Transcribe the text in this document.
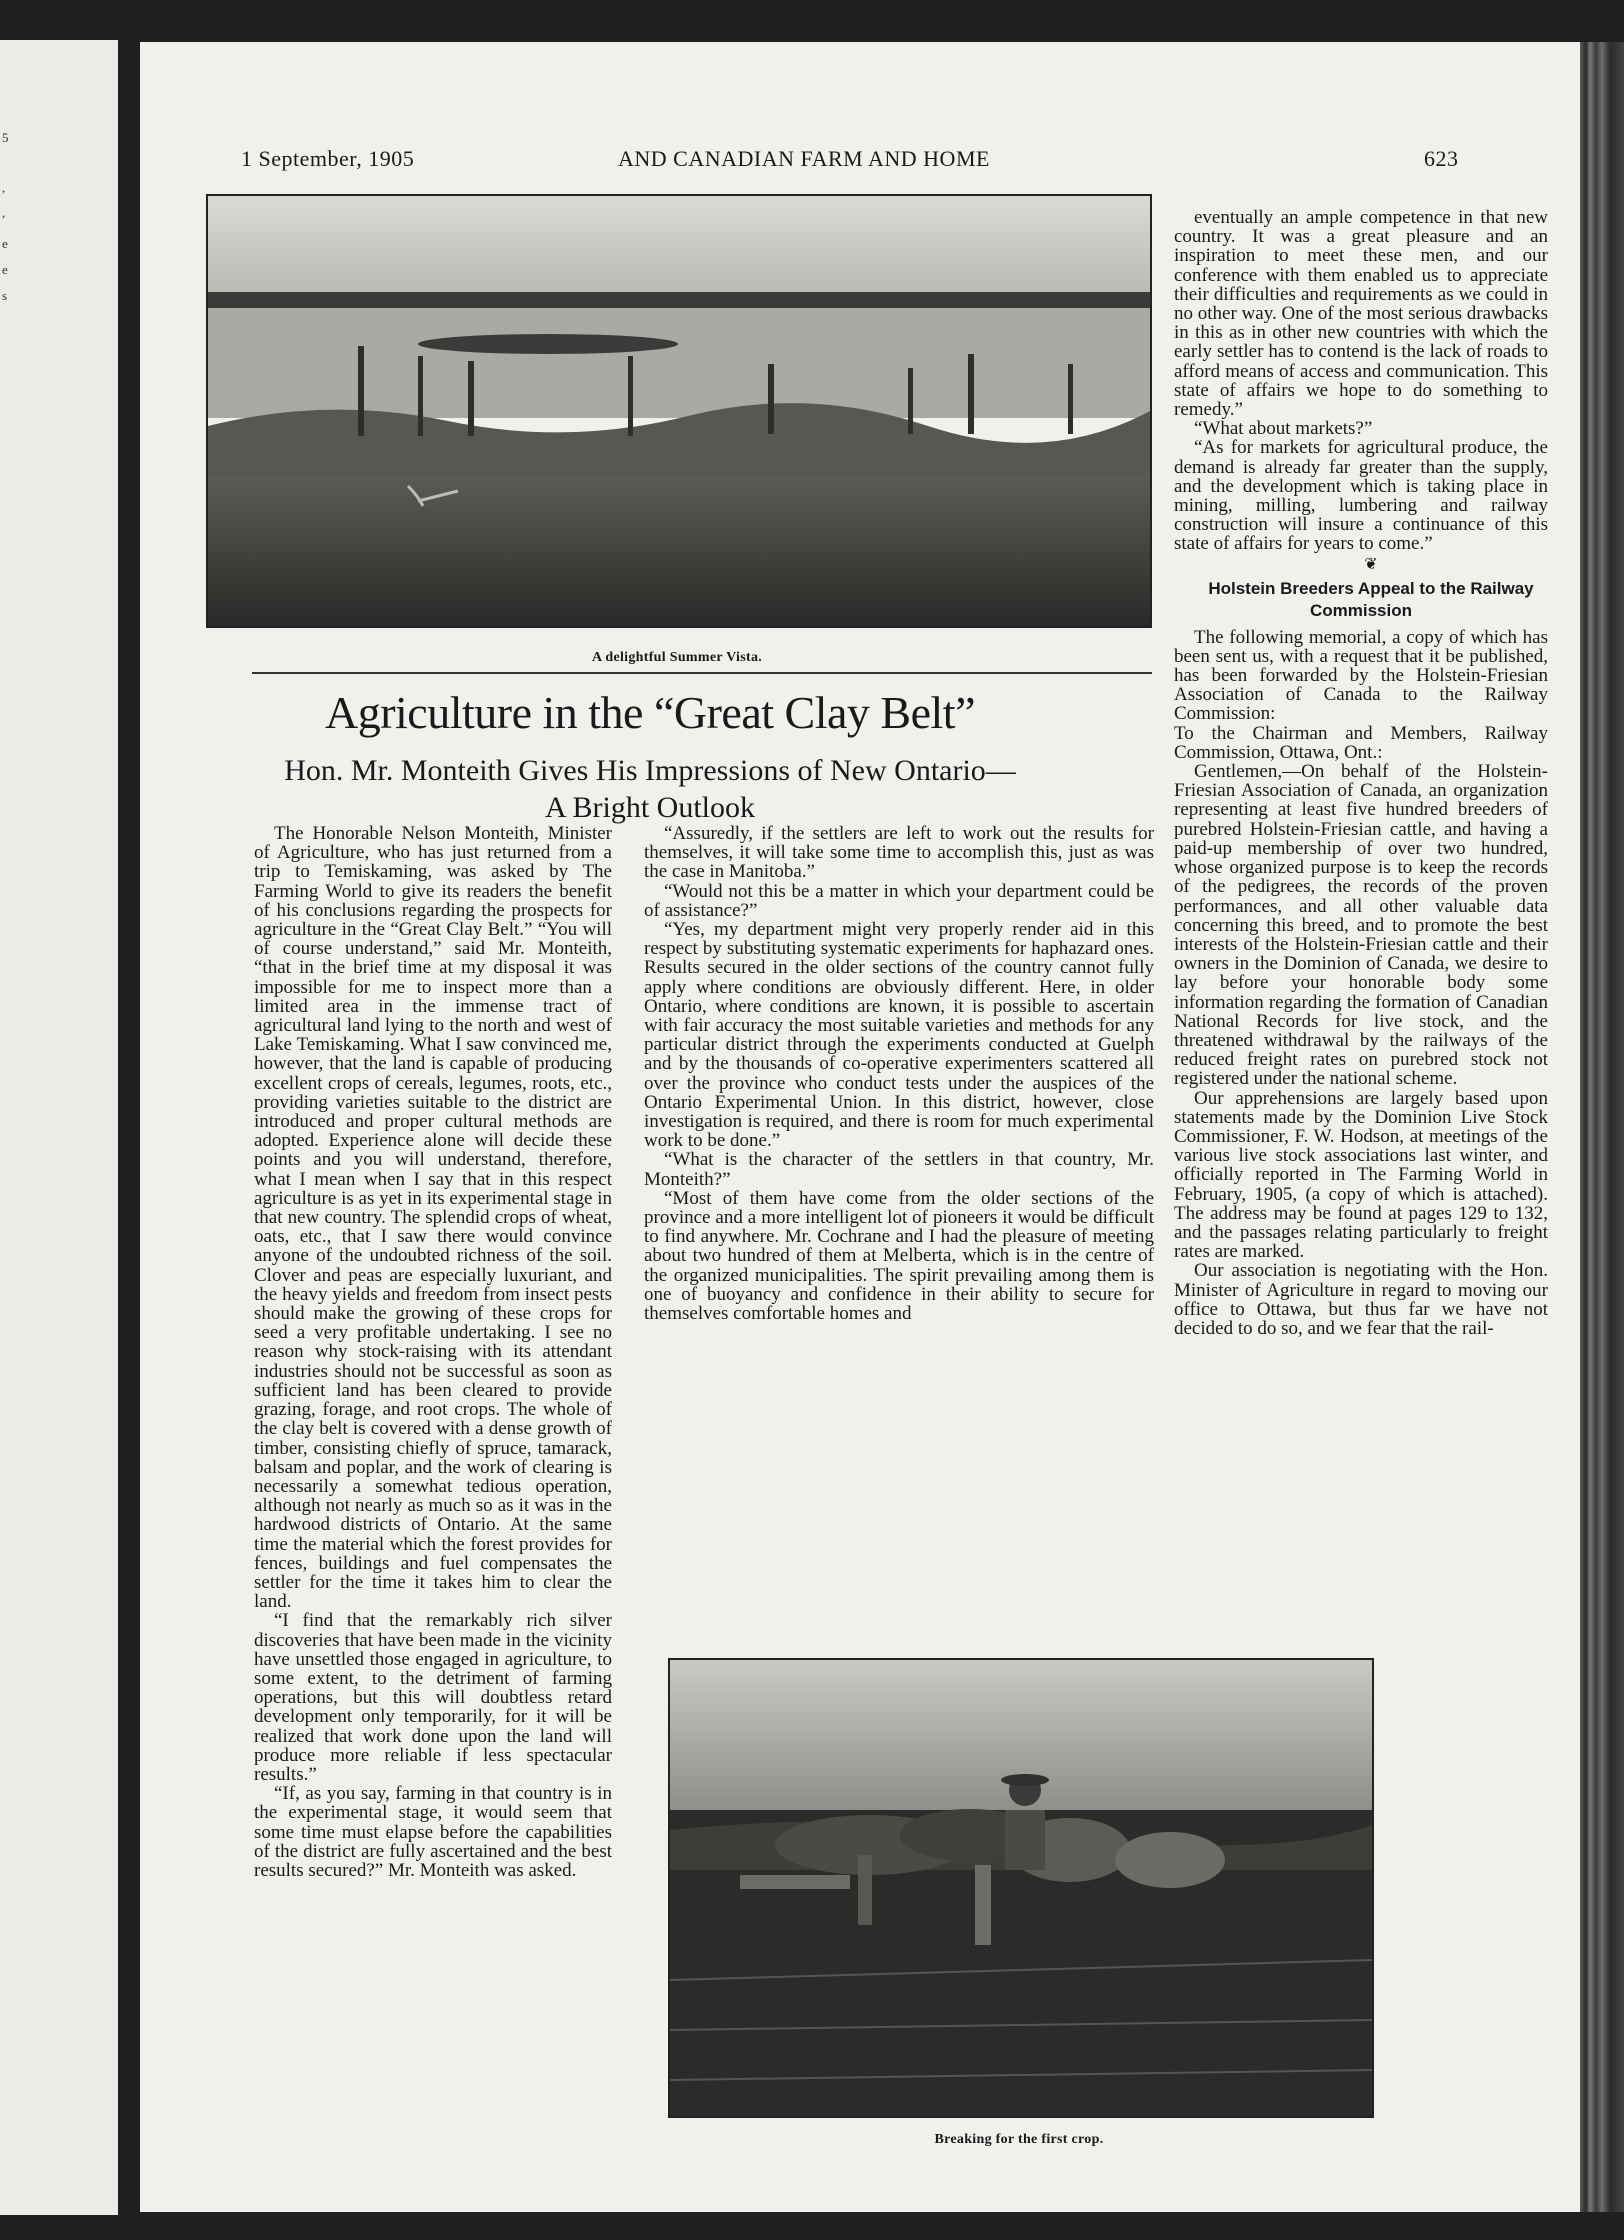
5
,
,
e
e
s
1 September, 1905	AND CANADIAN FARM AND HOME	623
A delightful Summer Vista.
Agriculture in the “Great Clay Belt”
Hon. Mr. Monteith Gives His Impressions of New Ontario—
A Bright Outlook

The Honorable Nelson Monteith, Minister of Agriculture, who has just returned from a trip to Temiskaming, was asked by The Farming World to give its readers the benefit of his conclusions regarding the prospects for agriculture in the “Great Clay Belt.” “You will of course understand,” said Mr. Monteith, “that in the brief time at my disposal it was impossible for me to inspect more than a limited area in the immense tract of agricultural land lying to the north and west of Lake Temiskaming. What I saw convinced me, however, that the land is capable of producing excellent crops of cereals, legumes, roots, etc., providing varieties suitable to the district are introduced and proper cultural methods are adopted. Experience alone will decide these points and you will understand, therefore, what I mean when I say that in this respect agriculture is as yet in its experimental stage in that new country. The splendid crops of wheat, oats, etc., that I saw there would convince anyone of the undoubted richness of the soil. Clover and peas are especially luxuriant, and the heavy yields and freedom from insect pests should make the growing of these crops for seed a very profitable undertaking. I see no reason why stock-raising with its attendant industries should not be successful as soon as sufficient land has been cleared to provide grazing, forage, and root crops. The whole of the clay belt is covered with a dense growth of timber, consisting chiefly of spruce, tamarack, balsam and poplar, and the work of clearing is necessarily a somewhat tedious operation, although not nearly as much so as it was in the hardwood districts of Ontario. At the same time the material which the forest provides for fences, buildings and fuel compensates the settler for the time it takes him to clear the land.

“I find that the remarkably rich silver discoveries that have been made in the vicinity have unsettled those engaged in agriculture, to some extent, to the detriment of farming operations, but this will doubtless retard development only temporarily, for it will be realized that work done upon the land will produce more reliable if less spectacular results.”

“If, as you say, farming in that country is in the experimental stage, it would seem that some time must elapse before the capabilities of the district are fully ascertained and the best results secured?” Mr. Monteith was asked.

“Assuredly, if the settlers are left to work out the results for themselves, it will take some time to accomplish this, just as was the case in Manitoba.”

“Would not this be a matter in which your department could be of assistance?”

“Yes, my department might very properly render aid in this respect by substituting systematic experiments for haphazard ones. Results secured in the older sections of the country cannot fully apply where conditions are obviously different. Here, in older Ontario, where conditions are known, it is possible to ascertain with fair accuracy the most suitable varieties and methods for any particular district through the experiments conducted at Guelph and by the thousands of co-operative experimenters scattered all over the province who conduct tests under the auspices of the Ontario Experimental Union. In this district, however, close investigation is required, and there is room for much experimental work to be done.”

“What is the character of the settlers in that country, Mr. Monteith?”

“Most of them have come from the older sections of the province and a more intelligent lot of pioneers it would be difficult to find anywhere. Mr. Cochrane and I had the pleasure of meeting about two hundred of them at Melberta, which is in the centre of the organized municipalities. The spirit prevailing among them is one of buoyancy and confidence in their ability to secure for themselves comfortable homes and

eventually an ample competence in that new country. It was a great pleasure and an inspiration to meet these men, and our conference with them enabled us to appreciate their difficulties and requirements as we could in no other way. One of the most serious drawbacks in this as in other new countries with which the early settler has to contend is the lack of roads to afford means of access and communication. This state of affairs we hope to do something to remedy.”

“What about markets?”

“As for markets for agricultural produce, the demand is already far greater than the supply, and the development which is taking place in mining, milling, lumbering and railway construction will insure a continuance of this state of affairs for years to come.”

❦

Holstein Breeders Appeal to the Railway Commission

The following memorial, a copy of which has been sent us, with a request that it be published, has been forwarded by the Holstein-Friesian Association of Canada to the Railway Commission:

To the Chairman and Members, Railway Commission, Ottawa, Ont.:

Gentlemen,—On behalf of the Holstein-Friesian Association of Canada, an organization representing at least five hundred breeders of purebred Holstein-Friesian cattle, and having a paid-up membership of over two hundred, whose organized purpose is to keep the records of the pedigrees, the records of the proven performances, and all other valuable data concerning this breed, and to promote the best interests of the Holstein-Friesian cattle and their owners in the Dominion of Canada, we desire to lay before your honorable body some information regarding the formation of Canadian National Records for live stock, and the threatened withdrawal by the railways of the reduced freight rates on purebred stock not registered under the national scheme.

Our apprehensions are largely based upon statements made by the Dominion Live Stock Commissioner, F. W. Hodson, at meetings of the various live stock associations last winter, and officially reported in The Farming World in February, 1905, (a copy of which is attached). The address may be found at pages 129 to 132, and the passages relating particularly to freight rates are marked.

Our association is negotiating with the Hon. Minister of Agriculture in regard to moving our office to Ottawa, but thus far we have not decided to do so, and we fear that the rail-

Breaking for the first crop.
